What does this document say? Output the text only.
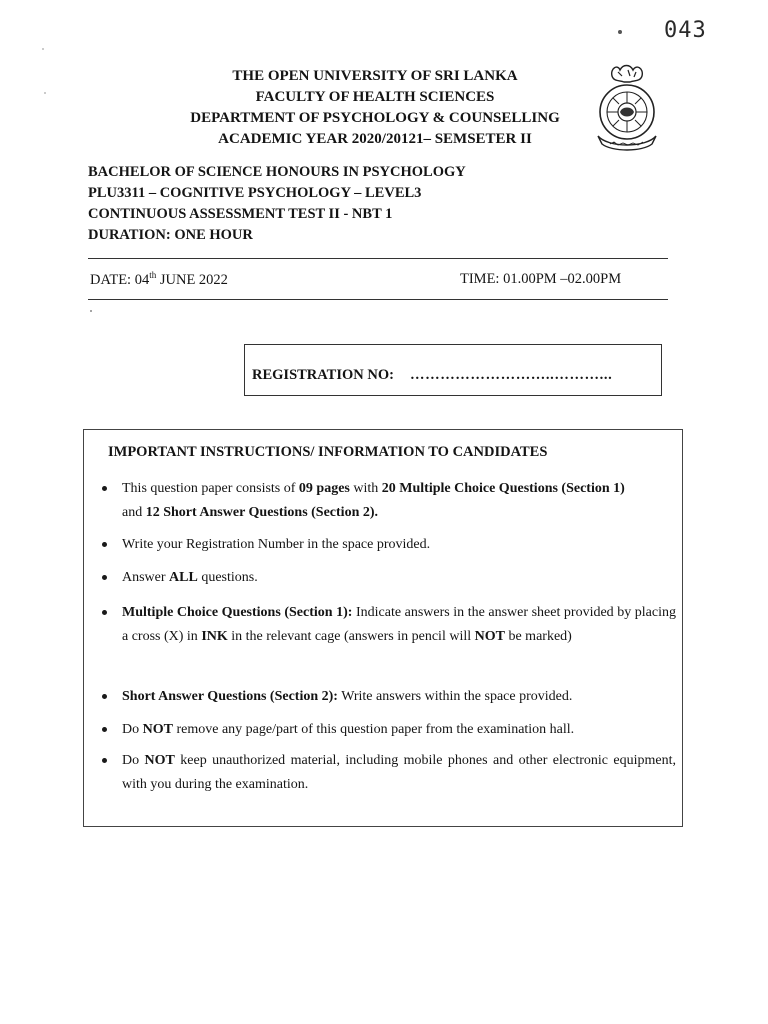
043
THE OPEN UNIVERSITY OF SRI LANKA
FACULTY OF HEALTH SCIENCES
DEPARTMENT OF PSYCHOLOGY & COUNSELLING
ACADEMIC YEAR 2020/20121– SEMSETER II
BACHELOR OF SCIENCE HONOURS IN PSYCHOLOGY
PLU3311 – COGNITIVE PSYCHOLOGY – LEVEL3
CONTINUOUS ASSESSMENT TEST II - NBT 1
DURATION: ONE HOUR
DATE: 04th JUNE 2022	TIME: 01.00PM –02.00PM
REGISTRATION NO: ………………………..………...
IMPORTANT INSTRUCTIONS/ INFORMATION TO CANDIDATES
This question paper consists of 09 pages with 20 Multiple Choice Questions (Section 1)
and 12 Short Answer Questions (Section 2).
Write your Registration Number in the space provided.
Answer ALL questions.
Multiple Choice Questions (Section 1): Indicate answers in the answer sheet provided by placing a cross (X) in INK in the relevant cage (answers in pencil will NOT be marked)
Short Answer Questions (Section 2): Write answers within the space provided.
Do NOT remove any page/part of this question paper from the examination hall.
Do NOT keep unauthorized material, including mobile phones and other electronic equipment, with you during the examination.
